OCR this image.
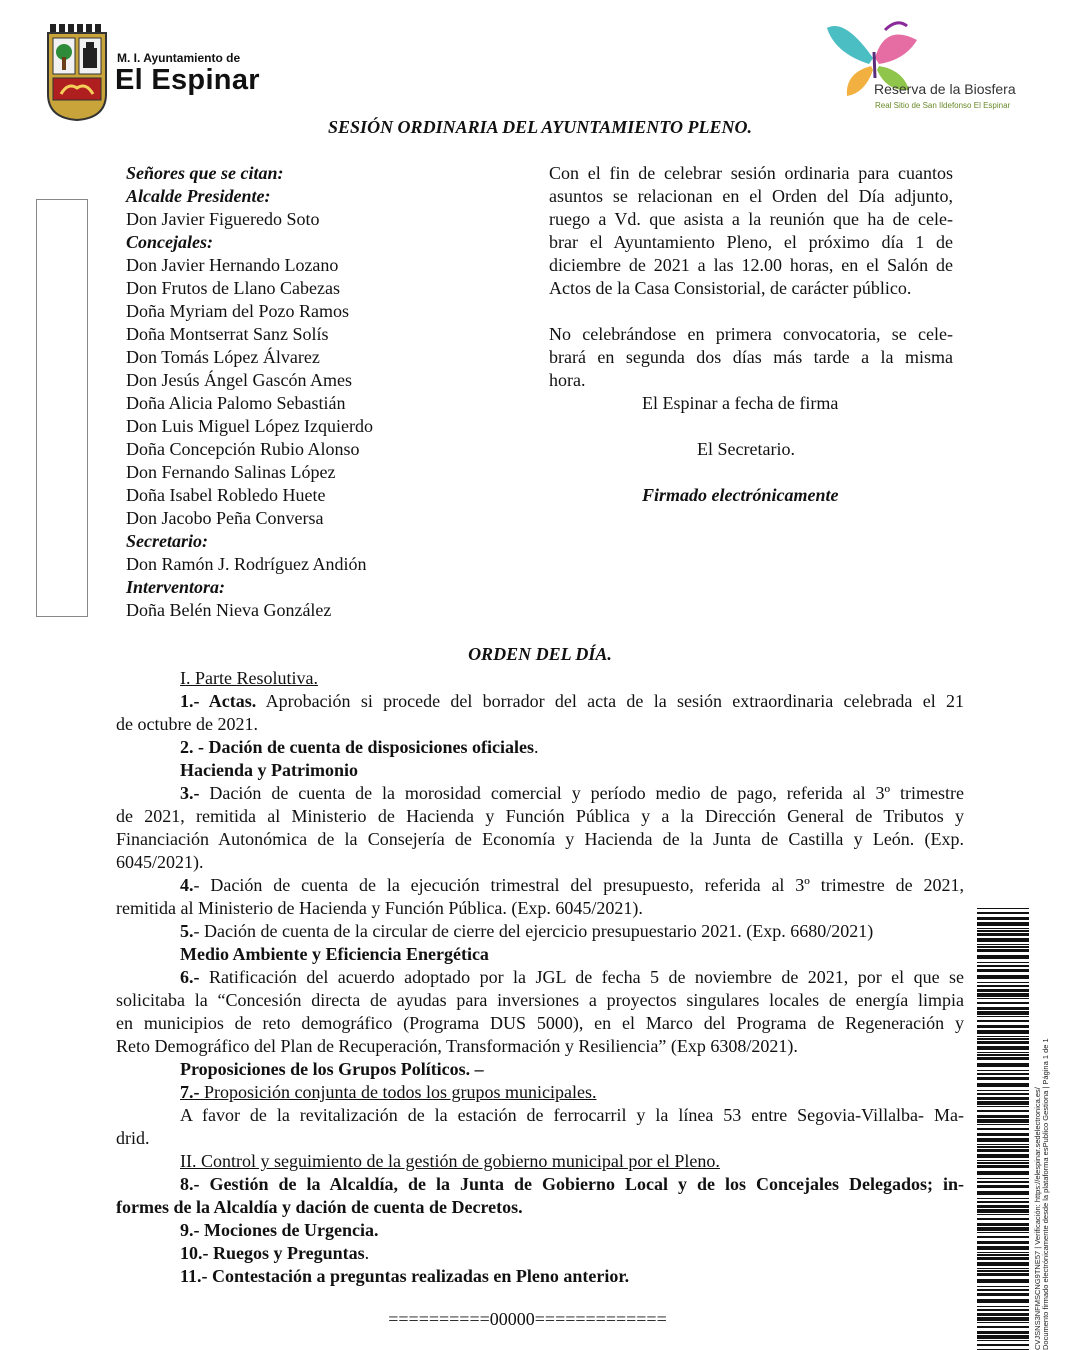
M. I. Ayuntamiento de
El Espinar	Reserva de la Biosfera
Real Sitio de San Ildefonso El Espinar
SESIÓN ORDINARIA DEL AYUNTAMIENTO PLENO.
Señores que se citan:
Alcalde Presidente:
Don Javier Figueredo Soto
Concejales:
Don Javier Hernando Lozano
Don Frutos de Llano Cabezas
Doña Myriam del Pozo Ramos
Doña Montserrat Sanz Solís
Don Tomás López Álvarez
Don Jesús Ángel Gascón Ames
Doña Alicia Palomo Sebastián
Don Luis Miguel López Izquierdo
Doña Concepción Rubio Alonso
Don Fernando Salinas López
Doña Isabel Robledo Huete
Don Jacobo Peña Conversa
Secretario:
Don Ramón J. Rodríguez Andión
Interventora:
Doña Belén Nieva González
Con el fin de celebrar sesión ordinaria para cuantos
asuntos se relacionan en el Orden del Día adjunto,
ruego a Vd. que asista a la reunión que ha de cele-
brar el Ayuntamiento Pleno, el próximo día 1 de
diciembre de 2021 a las 12.00 horas, en el Salón de
Actos de la Casa Consistorial, de carácter público.
No celebrándose en primera convocatoria, se cele-
brará en segunda dos días más tarde a la misma
hora.
El Espinar a fecha de firma
El Secretario.
Firmado electrónicamente
ORDEN DEL DÍA.
I. Parte Resolutiva.
1.- Actas. Aprobación si procede del borrador del acta de la sesión extraordinaria celebrada el 21
de octubre de 2021.
2. - Dación de cuenta de disposiciones oficiales.
Hacienda y Patrimonio
3.- Dación de cuenta de la morosidad comercial y período medio de pago, referida al 3º trimestre
de 2021, remitida al Ministerio de Hacienda y Función Pública y a la Dirección General de Tributos y
Financiación Autonómica de la Consejería de Economía y Hacienda de la Junta de Castilla y León. (Exp.
6045/2021).
4.- Dación de cuenta de la ejecución trimestral del presupuesto, referida al 3º trimestre de 2021,
remitida al Ministerio de Hacienda y Función Pública. (Exp. 6045/2021).
5.- Dación de cuenta de la circular de cierre del ejercicio presupuestario 2021. (Exp. 6680/2021)
Medio Ambiente y Eficiencia Energética
6.- Ratificación del acuerdo adoptado por la JGL de fecha 5 de noviembre de 2021, por el que se
solicitaba la “Concesión directa de ayudas para inversiones a proyectos singulares locales de energía limpia
en municipios de reto demográfico (Programa DUS 5000), en el Marco del Programa de Regeneración y
Reto Demográfico del Plan de Recuperación, Transformación y Resiliencia” (Exp 6308/2021).
Proposiciones de los Grupos Políticos. –
7.- Proposición conjunta de todos los grupos municipales.
A favor de la revitalización de la estación de ferrocarril y la línea 53 entre Segovia-Villalba- Ma-
drid.
II. Control y seguimiento de la gestión de gobierno municipal por el Pleno.
8.- Gestión de la Alcaldía, de la Junta de Gobierno Local y de los Concejales Delegados; in-
formes de la Alcaldía y dación de cuenta de Decretos.
9.- Mociones de Urgencia.
10.- Ruegos y Preguntas.
11.- Contestación a preguntas realizadas en Pleno anterior.
==========00000=============	CVJSNS3NFMSCNG9TNE57 | Verificación: https://elespinar.sedelectronica.es/ Documento firmado electrónicamente desde la plataforma esPublico Gestiona | Página 1 de 1
